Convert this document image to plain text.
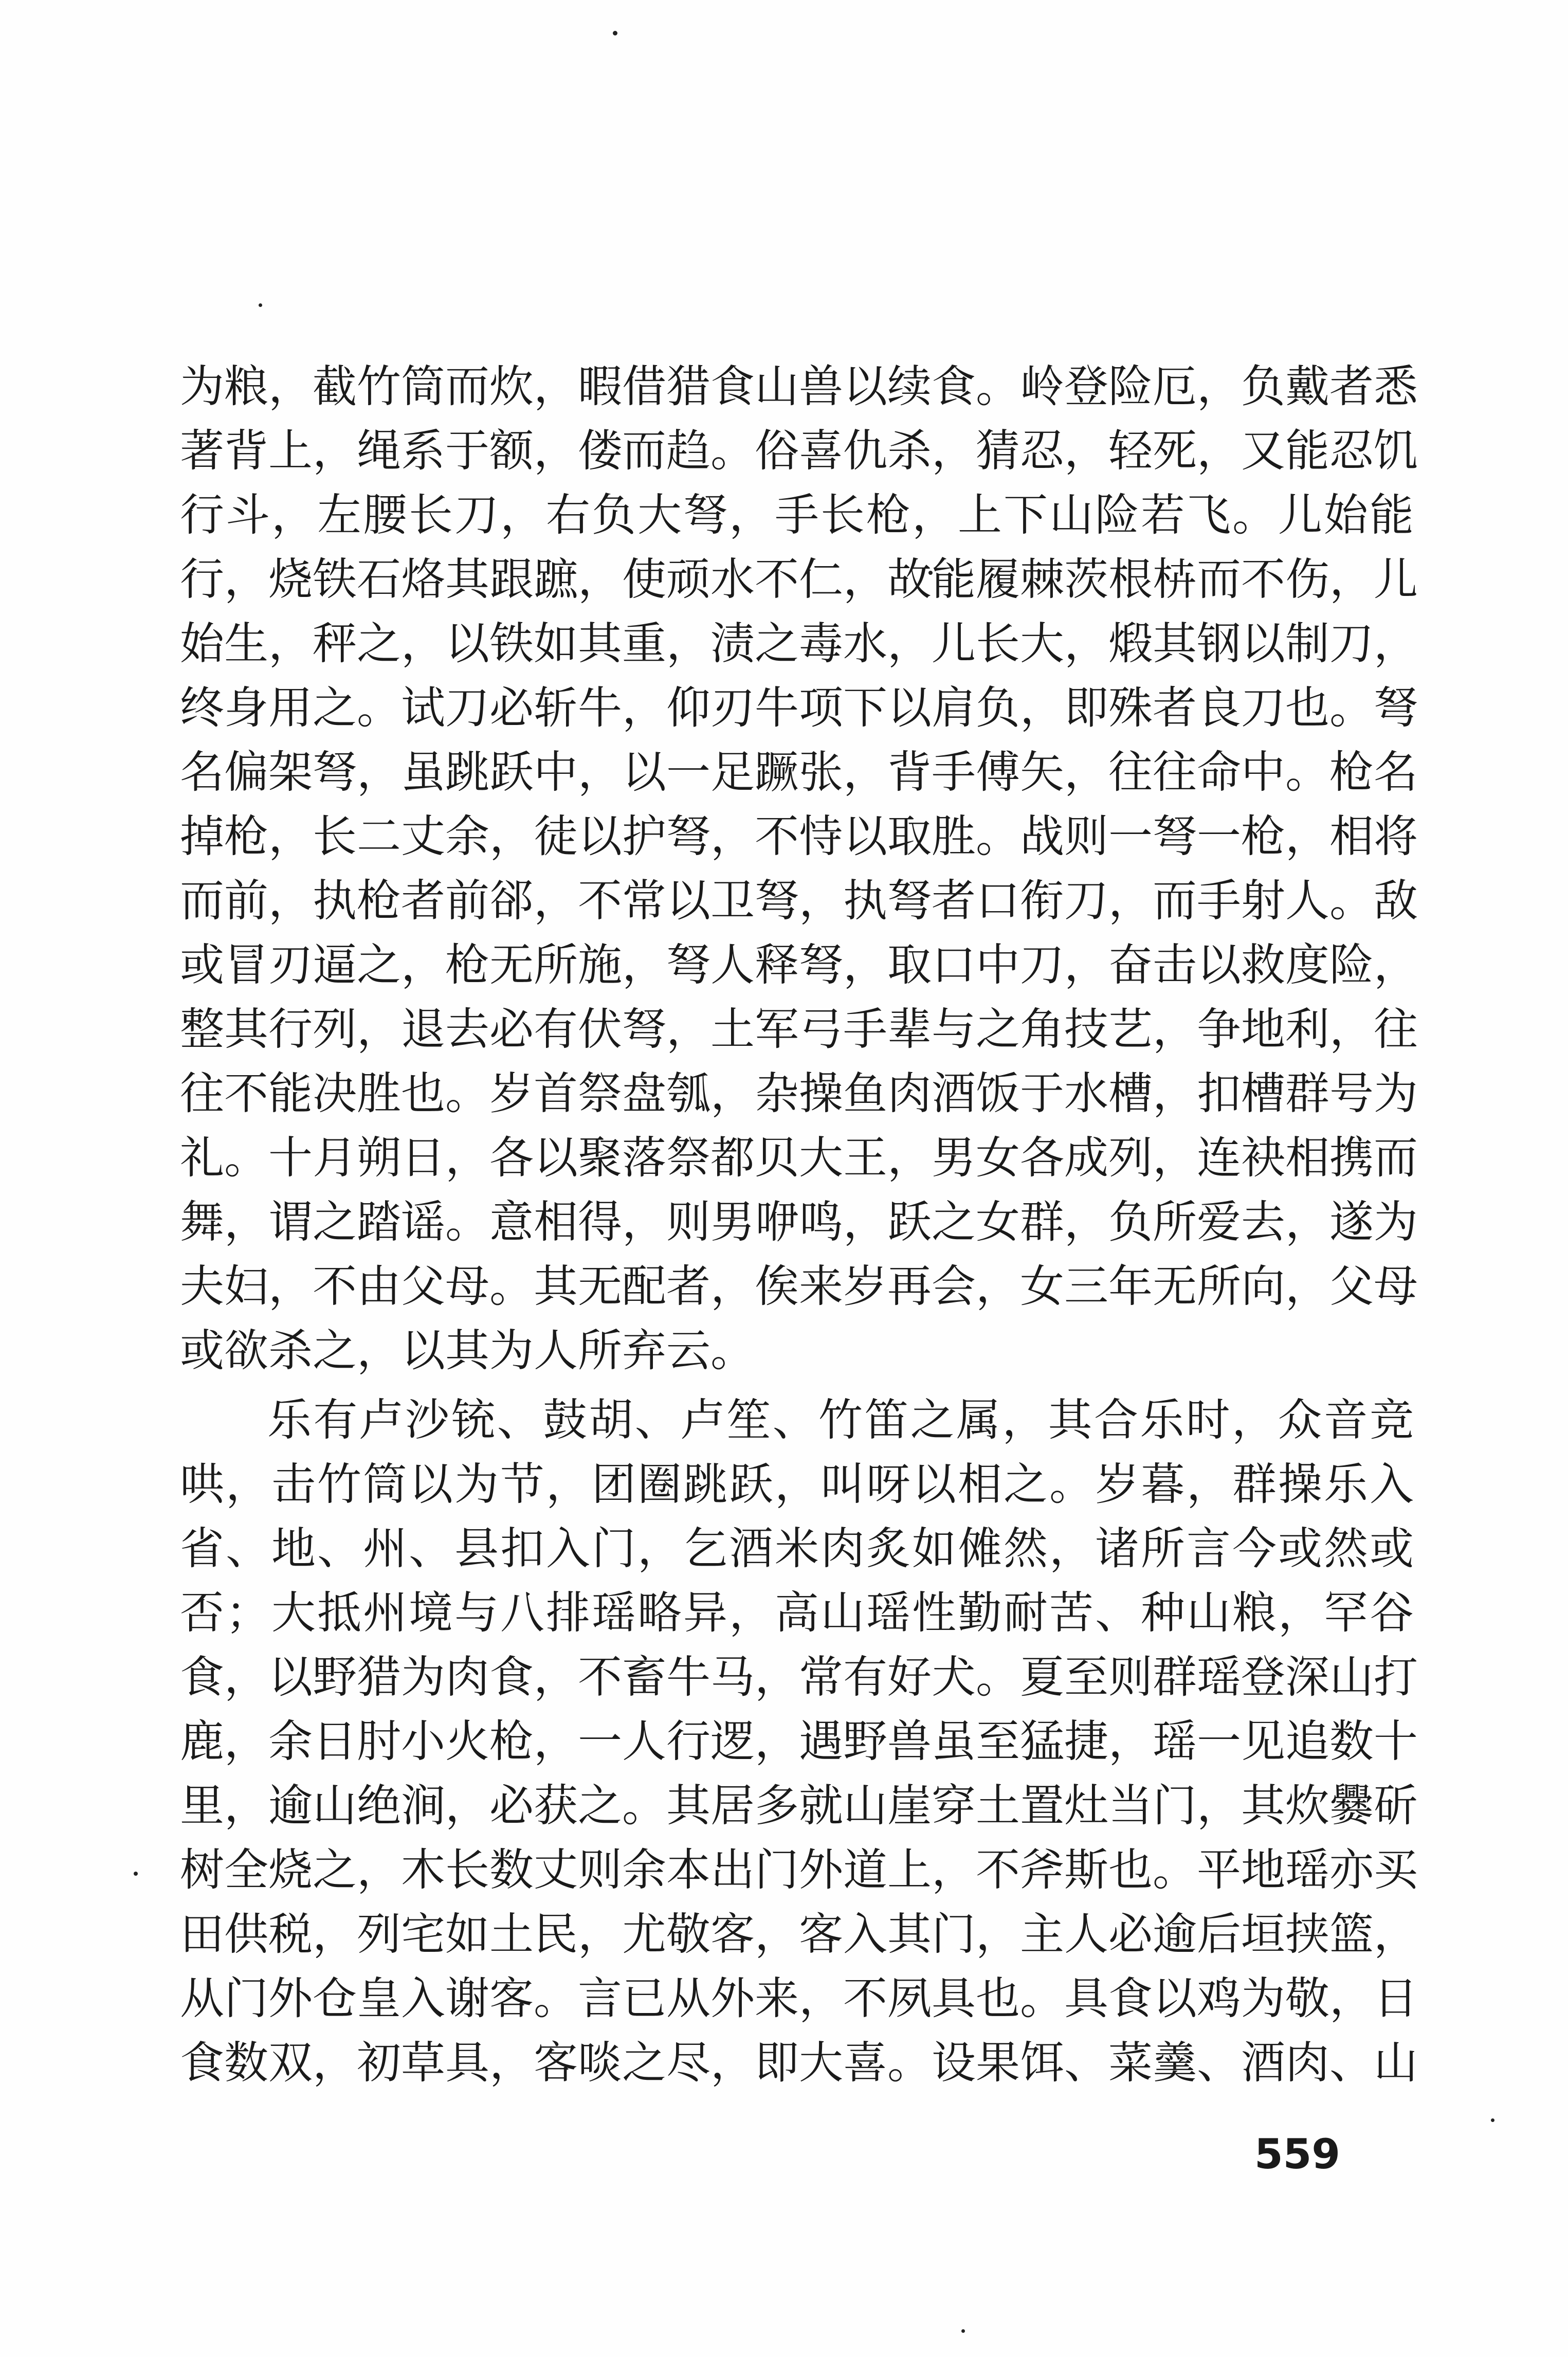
为粮，截竹筒而炊，暇借猎食山兽以续食。岭登险厄，负戴者悉
著背上，绳系于额，偻而趋。俗喜仇杀，猜忍，轻死，又能忍饥
行斗，左腰长刀，右负大弩，手长枪，上下山险若飞。儿始能
行，烧铁石烙其跟蹠，使顽水不仁，故能履棘茨根枿而不伤，儿
始生，秤之，以铁如其重，渍之毒水，儿长大，煅其钢以制刀，
终身用之。试刀必斩牛，仰刃牛项下以肩负，即殊者良刀也。弩
名偏架弩，虽跳跃中，以一足蹶张，背手傅矢，往往命中。枪名
掉枪，长二丈余，徒以护弩，不恃以取胜。战则一弩一枪，相将
而前，执枪者前郤，不常以卫弩，执弩者口衔刀，而手射人。敌
或冒刃逼之，枪无所施，弩人释弩，取口中刀，奋击以救度险，
整其行列，退去必有伏弩，土军弓手辈与之角技艺，争地利，往
往不能决胜也。岁首祭盘瓠，杂操鱼肉酒饭于水槽，扣槽群号为
礼。十月朔日，各以聚落祭都贝大王，男女各成列，连袂相携而
舞，谓之踏谣。意相得，则男咿鸣，跃之女群，负所爱去，遂为
夫妇，不由父母。其无配者，俟来岁再会，女三年无所向，父母
或欲杀之，以其为人所弃云。
乐有卢沙铳、鼓胡、卢笙、竹笛之属，其合乐时，众音竞
哄，击竹筒以为节，团圈跳跃，叫呀以相之。岁暮，群操乐入
省、地、州、县扣入门，乞酒米肉炙如傩然，诸所言今或然或
否；大抵州境与八排瑶略异，高山瑶性勤耐苦、种山粮，罕谷
食，以野猎为肉食，不畜牛马，常有好犬。夏至则群瑶登深山打
鹿，余日肘小火枪，一人行逻，遇野兽虽至猛捷，瑶一见追数十
里，逾山绝涧，必获之。其居多就山崖穿土置灶当门，其炊爨斫
树全烧之，木长数丈则余本出门外道上，不斧斯也。平地瑶亦买
田供税，列宅如土民，尤敬客，客入其门，主人必逾后垣挟篮，
从门外仓皇入谢客。言已从外来，不夙具也。具食以鸡为敬，日
食数双，初草具，客啖之尽，即大喜。设果饵、菜羹、酒肉、山
559
